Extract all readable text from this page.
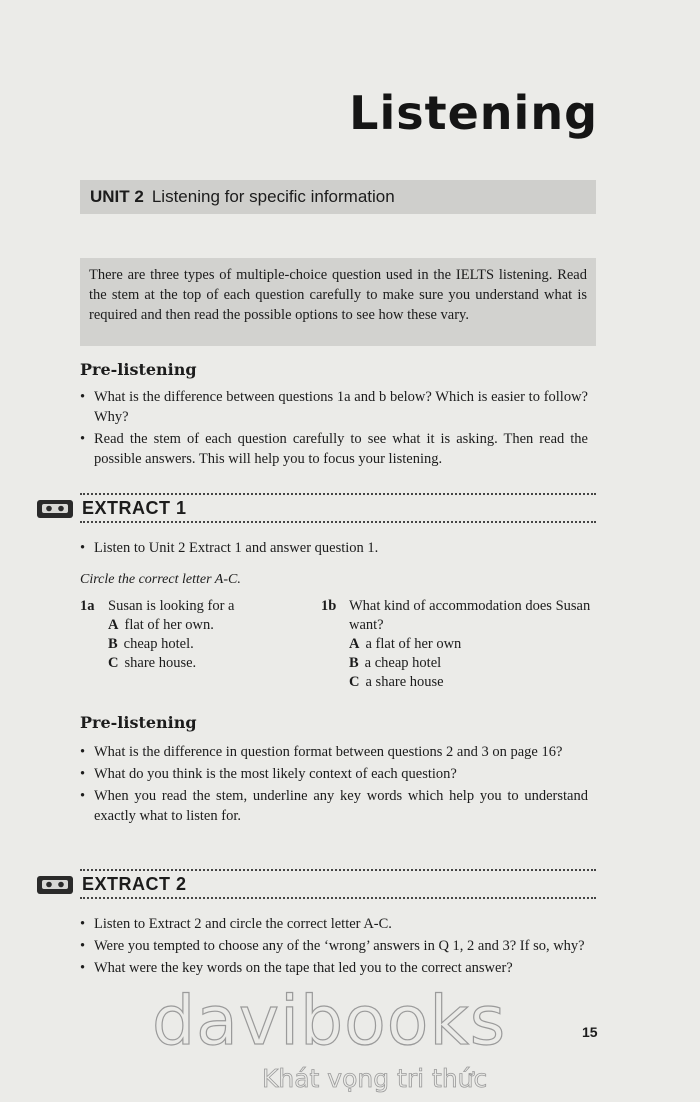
Listening
UNIT 2 Listening for specific information
There are three types of multiple-choice question used in the IELTS listening. Read the stem at the top of each question carefully to make sure you understand what is required and then read the possible options to see how these vary.
Pre-listening
• What is the difference between questions 1a and b below? Which is easier to follow? Why?
• Read the stem of each question carefully to see what it is asking. Then read the possible answers. This will help you to focus your listening.
EXTRACT 1
• Listen to Unit 2 Extract 1 and answer question 1.

Circle the correct letter A-C.

1a Susan is looking for a
A flat of her own.
B cheap hotel.
C share house.
1b What kind of accommodation does Susan want?
A a flat of her own
B a cheap hotel
C a share house
Pre-listening
• What is the difference in question format between questions 2 and 3 on page 16?
• What do you think is the most likely context of each question?
• When you read the stem, underline any key words which help you to understand exactly what to listen for.
EXTRACT 2
• Listen to Extract 2 and circle the correct letter A-C.
• Were you tempted to choose any of the ‘wrong’ answers in Q 1, 2 and 3? If so, why?
• What were the key words on the tape that led you to the correct answer?

davibooks

Khát vọng tri thức

15
